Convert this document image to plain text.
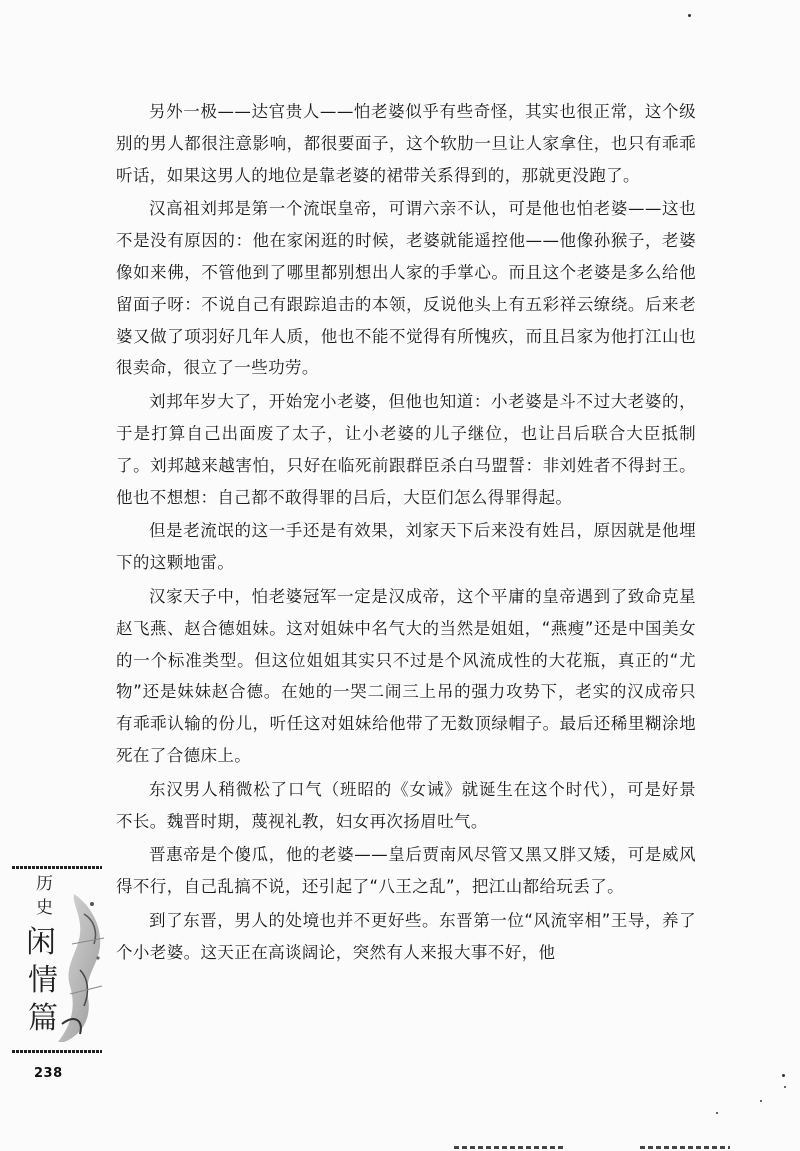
另外一极——达官贵人——怕老婆似乎有些奇怪，其实也很正常，这个级别的男人都很注意影响，都很要面子，这个软肋一旦让人家拿住，也只有乖乖听话，如果这男人的地位是靠老婆的裙带关系得到的，那就更没跑了。

汉高祖刘邦是第一个流氓皇帝，可谓六亲不认，可是他也怕老婆——这也不是没有原因的：他在家闲逛的时候，老婆就能遥控他——他像孙猴子，老婆像如来佛，不管他到了哪里都别想出人家的手掌心。而且这个老婆是多么给他留面子呀：不说自己有跟踪追击的本领，反说他头上有五彩祥云缭绕。后来老婆又做了项羽好几年人质，他也不能不觉得有所愧疚，而且吕家为他打江山也很卖命，很立了一些功劳。

刘邦年岁大了，开始宠小老婆，但他也知道：小老婆是斗不过大老婆的，于是打算自己出面废了太子，让小老婆的儿子继位，也让吕后联合大臣抵制了。刘邦越来越害怕，只好在临死前跟群臣杀白马盟誓：非刘姓者不得封王。他也不想想：自己都不敢得罪的吕后，大臣们怎么得罪得起。

但是老流氓的这一手还是有效果，刘家天下后来没有姓吕，原因就是他埋下的这颗地雷。

汉家天子中，怕老婆冠军一定是汉成帝，这个平庸的皇帝遇到了致命克星赵飞燕、赵合德姐妹。这对姐妹中名气大的当然是姐姐，“燕瘦”还是中国美女的一个标准类型。但这位姐姐其实只不过是个风流成性的大花瓶，真正的“尤物”还是妹妹赵合德。在她的一哭二闹三上吊的强力攻势下，老实的汉成帝只有乖乖认输的份儿，听任这对姐妹给他带了无数顶绿帽子。最后还稀里糊涂地死在了合德床上。

东汉男人稍微松了口气（班昭的《女诫》就诞生在这个时代），可是好景不长。魏晋时期，蔑视礼教，妇女再次扬眉吐气。

晋惠帝是个傻瓜，他的老婆——皇后贾南风尽管又黑又胖又矮，可是威风得不行，自己乱搞不说，还引起了“八王之乱”，把江山都给玩丢了。

到了东晋，男人的处境也并不更好些。东晋第一位“风流宰相”王导，养了个小老婆。这天正在高谈阔论，突然有人来报大事不好，他

历
史
闲
情
篇
238
